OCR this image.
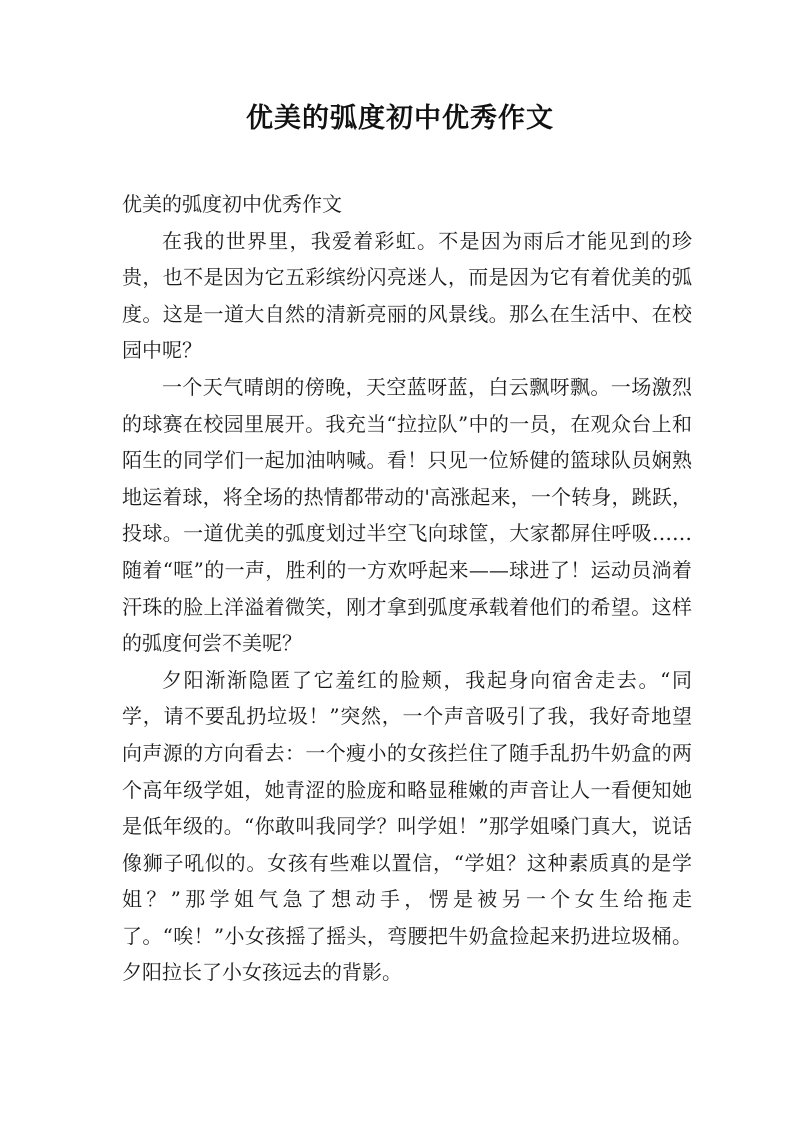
优美的弧度初中优秀作文

优美的弧度初中优秀作文

在我的世界里，我爱着彩虹。不是因为雨后才能见到的珍贵，也不是因为它五彩缤纷闪亮迷人，而是因为它有着优美的弧度。这是一道大自然的清新亮丽的风景线。那么在生活中、在校园中呢？

一个天气晴朗的傍晚，天空蓝呀蓝，白云飘呀飘。一场激烈的球赛在校园里展开。我充当“拉拉队”中的一员，在观众台上和陌生的同学们一起加油呐喊。看！只见一位矫健的篮球队员娴熟地运着球，将全场的热情都带动的'高涨起来，一个转身，跳跃，投球。一道优美的弧度划过半空飞向球筐，大家都屏住呼吸……随着“哐”的一声，胜利的一方欢呼起来——球进了！运动员淌着汗珠的脸上洋溢着微笑，刚才拿到弧度承载着他们的希望。这样的弧度何尝不美呢？

夕阳渐渐隐匿了它羞红的脸颊，我起身向宿舍走去。“同学，请不要乱扔垃圾！”突然，一个声音吸引了我，我好奇地望向声源的方向看去：一个瘦小的女孩拦住了随手乱扔牛奶盒的两个高年级学姐，她青涩的脸庞和略显稚嫩的声音让人一看便知她是低年级的。“你敢叫我同学？叫学姐！”那学姐嗓门真大，说话像狮子吼似的。女孩有些难以置信，“学姐？这种素质真的是学姐？”那学姐气急了想动手，愣是被另一个女生给拖走了。“唉！”小女孩摇了摇头，弯腰把牛奶盒捡起来扔进垃圾桶。夕阳拉长了小女孩远去的背影。
